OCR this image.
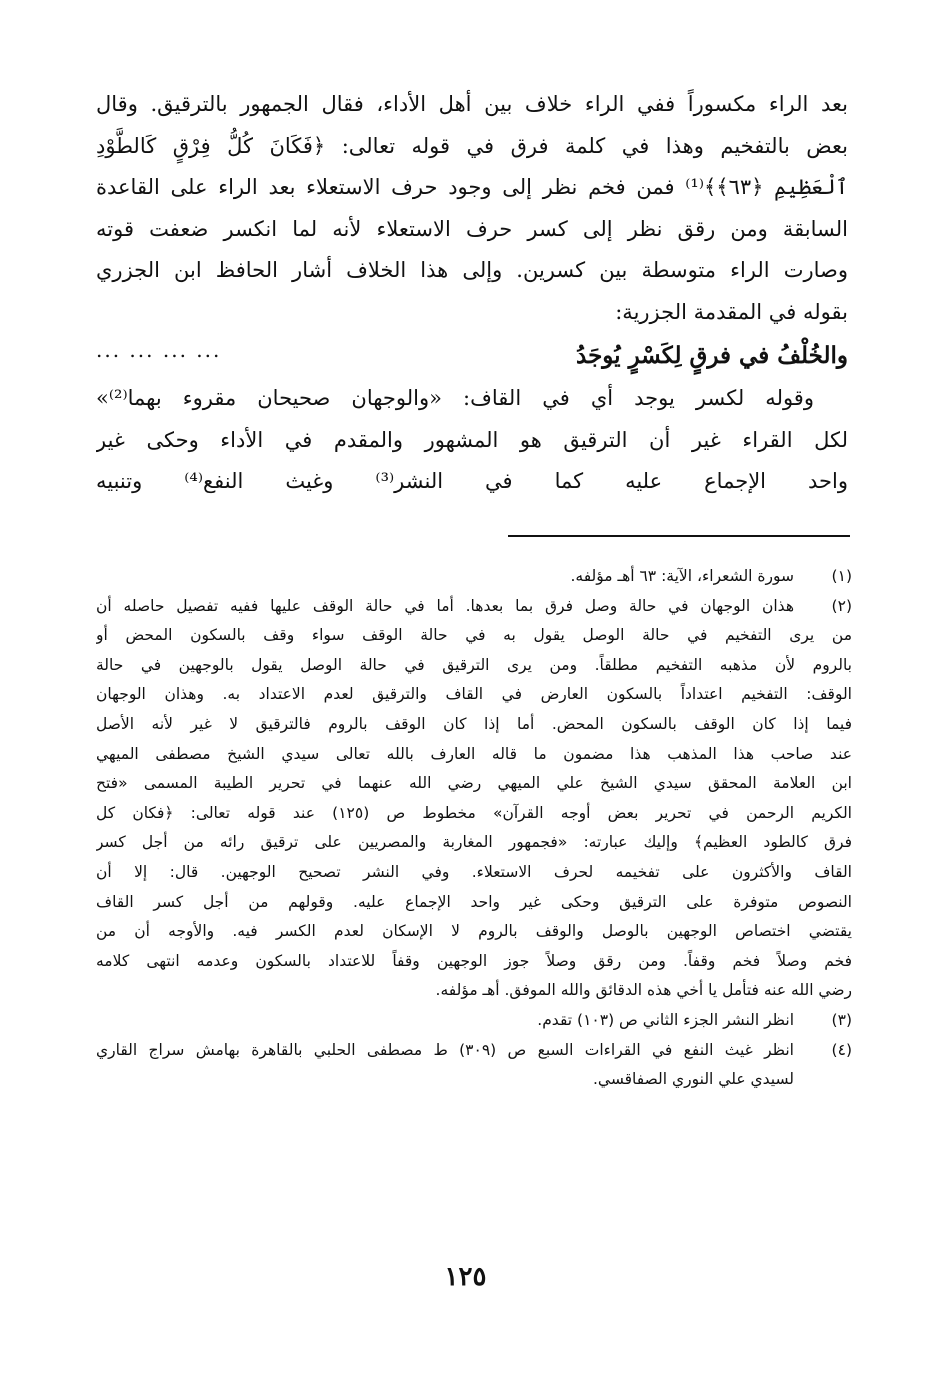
بعد الراء مكسوراً ففي الراء خلاف بين أهل الأداء، فقال الجمهور بالترقيق. وقال
بعض بالتفخيم وهذا في كلمة فرق في قوله تعالى: ﴿فَكَانَ كُلُّ فِرْقٍ كَالطَّوْدِ
ٱلْعَظِيمِ ﴿٦٣﴾﴾⁽¹⁾ فمن فخم نظر إلى وجود حرف الاستعلاء بعد الراء على القاعدة
السابقة ومن رقق نظر إلى كسر حرف الاستعلاء لأنه لما انكسر ضعفت قوته
وصارت الراء متوسطة بين كسرين. وإلى هذا الخلاف أشار الحافظ ابن الجزري
بقوله في المقدمة الجزرية:
والخُلْفُ في فرقٍ لِكَسْرٍ يُوجَدُ
... ... ... ...
وقوله لكسر يوجد أي في القاف: «والوجهان صحيحان مقروء بهما⁽²⁾»
لكل القراء غير أن الترقيق هو المشهور والمقدم في الأداء وحكى غير
واحد الإجماع عليه كما في النشر⁽³⁾ وغيث النفع⁽⁴⁾ وتنبيه
(١)
سورة الشعراء، الآية: ٦٣ أهـ مؤلفه.
(٢)
هذان الوجهان في حالة وصل فرق بما بعدها. أما في حالة الوقف عليها ففيه تفصيل حاصله أن
من يرى التفخيم في حالة الوصل يقول به في حالة الوقف سواء وقف بالسكون المحض أو
بالروم لأن مذهبه التفخيم مطلقاً. ومن يرى الترقيق في حالة الوصل يقول بالوجهين في حالة
الوقف: التفخيم اعتداداً بالسكون العارض في القاف والترقيق لعدم الاعتداد به. وهذان الوجهان
فيما إذا كان الوقف بالسكون المحض. أما إذا كان الوقف بالروم فالترقيق لا غير لأنه الأصل
عند صاحب هذا المذهب هذا مضمون ما قاله العارف بالله تعالى سيدي الشيخ مصطفى الميهي
ابن العلامة المحقق سيدي الشيخ علي الميهي رضي الله عنهما في تحرير الطيبة المسمى «فتح
الكريم الرحمن في تحرير بعض أوجه القرآن» مخطوط ص (١٢٥) عند قوله تعالى: ﴿فكان كل
فرق كالطود العظيم﴾ وإليك عبارته: «فجمهور المغاربة والمصريين على ترقيق رائه من أجل كسر
القاف والأكثرون على تفخيمه لحرف الاستعلاء. وفي النشر تصحيح الوجهين. قال: إلا أن
النصوص متوفرة على الترقيق وحكى غير واحد الإجماع عليه. وقولهم من أجل كسر القاف
يقتضي اختصاص الوجهين بالوصل والوقف بالروم لا الإسكان لعدم الكسر فيه. والأوجه أن من
فخم وصلاً فخم وقفاً. ومن رقق وصلاً جوز الوجهين وقفاً للاعتداد بالسكون وعدمه انتهى كلامه
رضي الله عنه فتأمل يا أخي هذه الدقائق والله الموفق. أهـ مؤلفه.
(٣)
انظر النشر الجزء الثاني ص (١٠٣) تقدم.
(٤)
انظر غيث النفع في القراءات السبع ص (٣٠٩) ط مصطفى الحلبي بالقاهرة بهامش سراج القاري
لسيدي علي النوري الصفاقسي.
١٢٥
